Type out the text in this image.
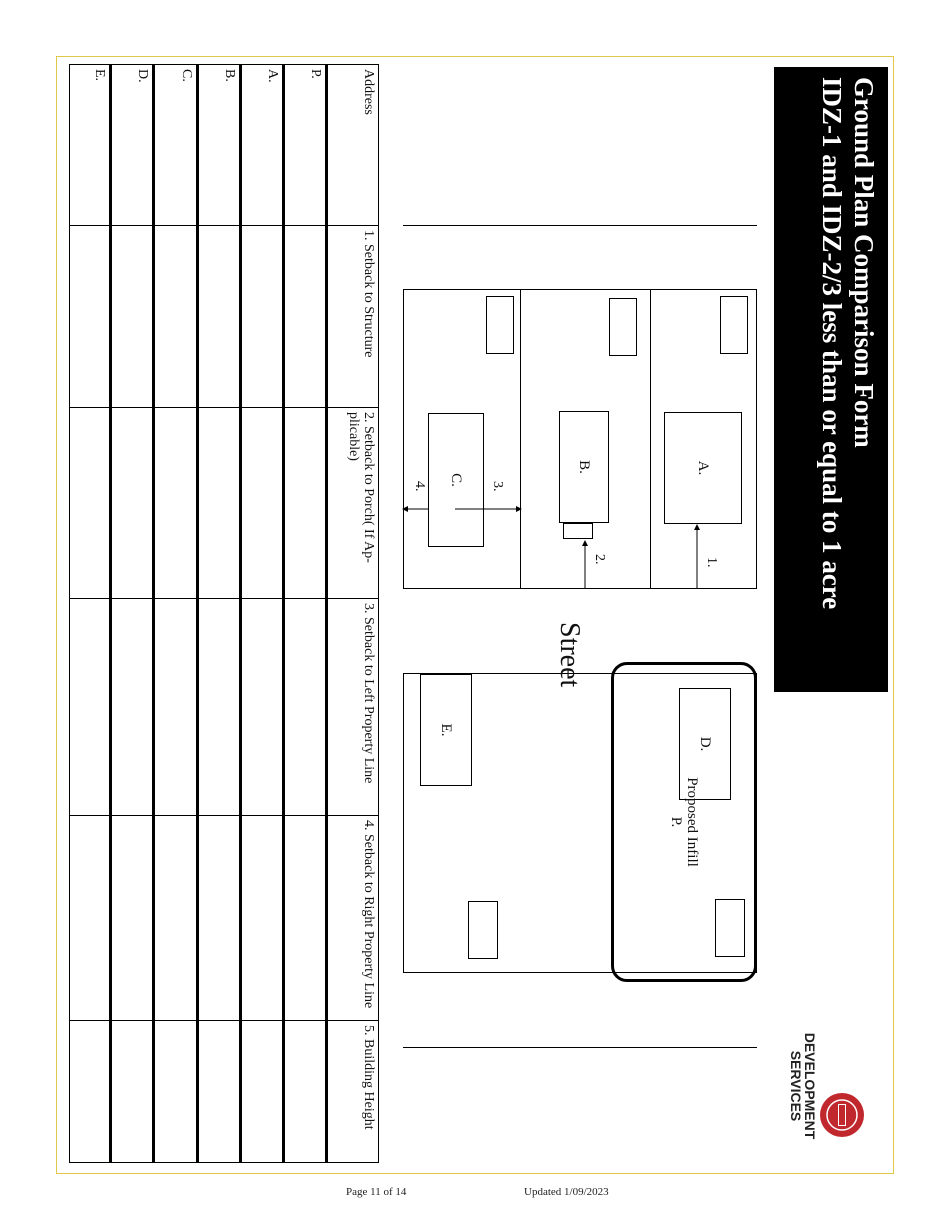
Ground Plan Comparison Form
IDZ-1 and IDZ-2/3 less than or equal to 1 acre
A.
B.
C.
D.
E.
Proposed Infill
P.
Street
1.
2.
3.
4.
Address	1. Setback to Structure	2. Setback to Porch( If Ap-plicable)	3. Setback to Left Property Line	4. Setback to Right Property Line	5. Building Height
P.					
A.					
B.					
C.					
D.					
E.					
DEVELOPMENT
SERVICES
Page 11 of 14	Updated 1/09/2023
